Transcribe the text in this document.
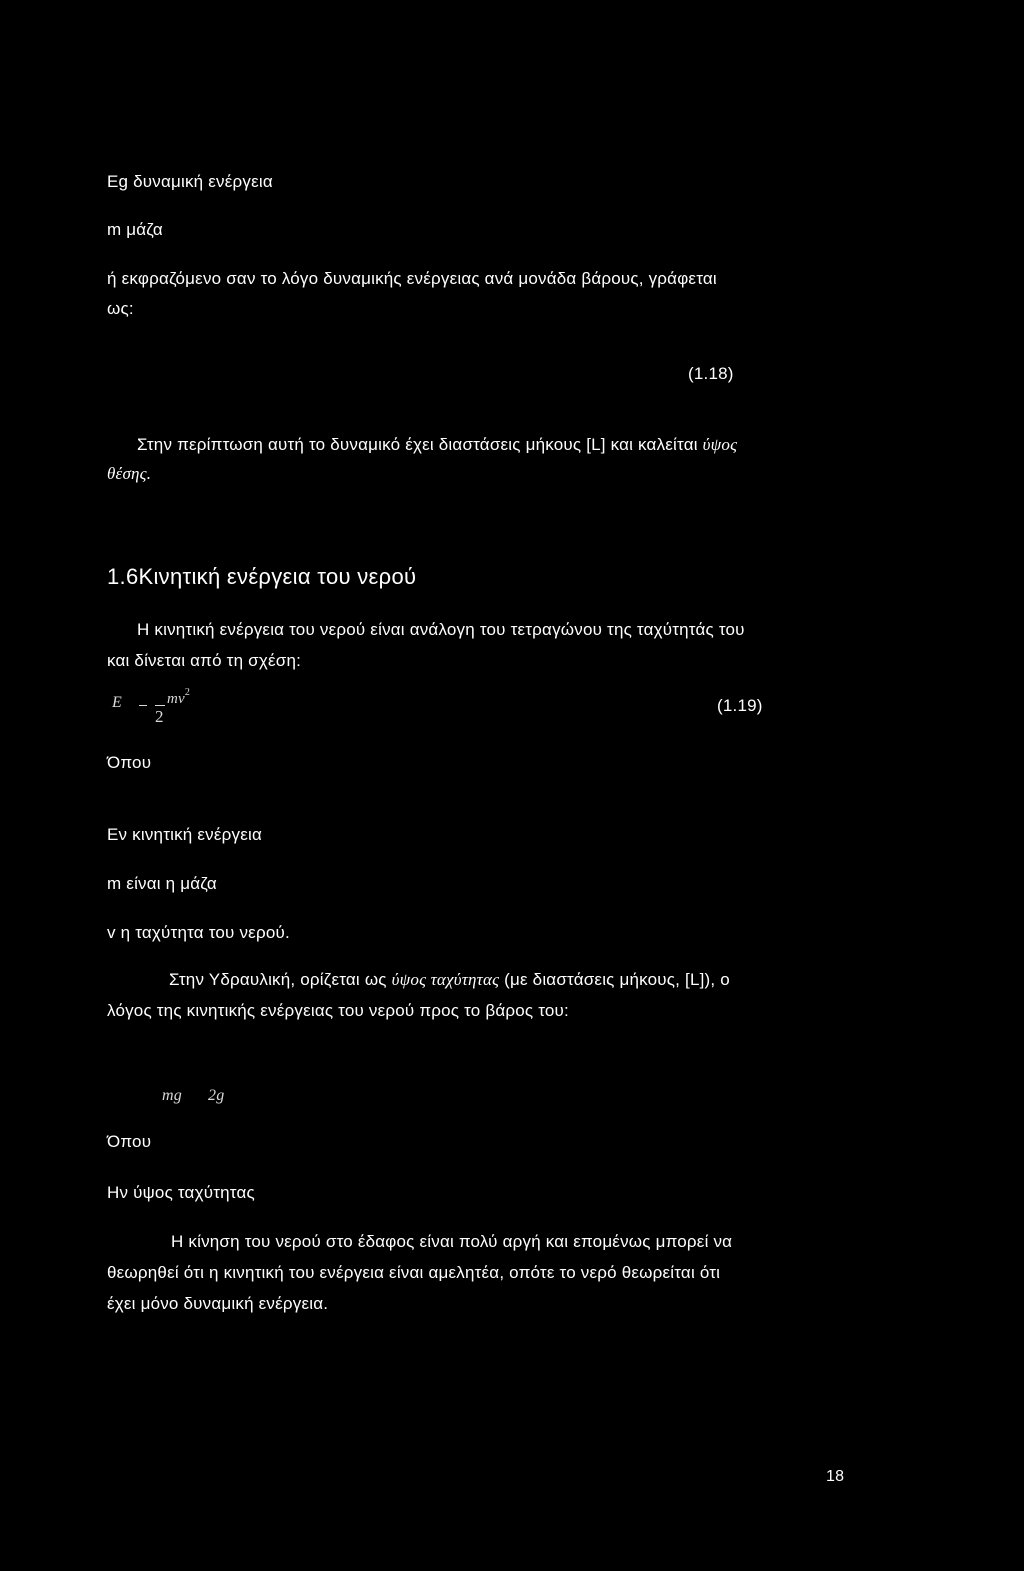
Eg δυναμική ενέργεια
m μάζα
ή εκφραζόμενο σαν το λόγο δυναμικής ενέργειας ανά μονάδα βάρους, γράφεται
ως:
(1.18)
Στην περίπτωση αυτή το δυναμικό έχει διαστάσεις μήκους [L] και καλείται ύψος
θέσης.
1.6Κινητική ενέργεια του νερού
Η κινητική ενέργεια του νερού είναι ανάλογη του τετραγώνου της ταχύτητάς του
και δίνεται από τη σχέση:
E	$mv^2$
2
(1.19)
Όπου
Εν κινητική ενέργεια
m είναι η μάζα
v η ταχύτητα του νερού.
Στην Υδραυλική, ορίζεται ως ύψος ταχύτητας (με διαστάσεις μήκους, [L]), ο
λόγος της κινητικής ενέργειας του νερού προς το βάρος του:
mg 2g
Όπου
Ην ύψος ταχύτητας
Η κίνηση του νερού στο έδαφος είναι πολύ αργή και επομένως μπορεί να
θεωρηθεί ότι η κινητική του ενέργεια είναι αμελητέα, οπότε το νερό θεωρείται ότι
έχει μόνο δυναμική ενέργεια.
18
